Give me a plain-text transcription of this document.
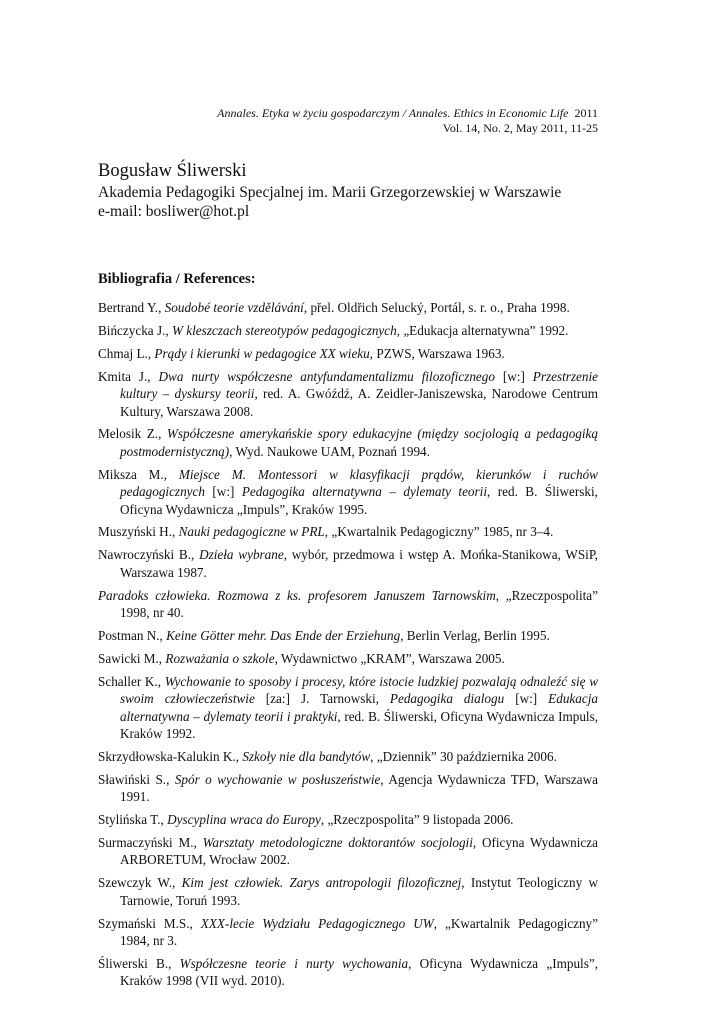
Annales. Etyka w życiu gospodarczym / Annales. Ethics in Economic Life 2011
Vol. 14, No. 2, May 2011, 11-25
Bogusław Śliwerski
Akademia Pedagogiki Specjalnej im. Marii Grzegorzewskiej w Warszawie
e-mail: bosliwer@hot.pl
Bibliografia / References:
Bertrand Y., Soudobé teorie vzdělávání, přel. Oldřich Selucký, Portál, s. r. o., Praha 1998.
Bińczycka J., W kleszczach stereotypów pedagogicznych, „Edukacja alternatywna” 1992.
Chmaj L., Prądy i kierunki w pedagogice XX wieku, PZWS, Warszawa 1963.
Kmita J., Dwa nurty współczesne antyfundamentalizmu filozoficznego [w:] Przestrzenie kultury – dyskursy teorii, red. A. Gwóźdź, A. Zeidler-Janiszewska, Narodowe Centrum Kultury, Warszawa 2008.
Melosik Z., Współczesne amerykańskie spory edukacyjne (między socjologią a pedagogiką postmodernistyczną), Wyd. Naukowe UAM, Poznań 1994.
Miksza M., Miejsce M. Montessori w klasyfikacji prądów, kierunków i ruchów pedagogicznych [w:] Pedagogika alternatywna – dylematy teorii, red. B. Śliwerski, Oficyna Wydawnicza „Impuls”, Kraków 1995.
Muszyński H., Nauki pedagogiczne w PRL, „Kwartalnik Pedagogiczny” 1985, nr 3–4.
Nawroczyński B., Dzieła wybrane, wybór, przedmowa i wstęp A. Mońka-Stanikowa, WSiP, Warszawa 1987.
Paradoks człowieka. Rozmowa z ks. profesorem Januszem Tarnowskim, „Rzeczpospolita” 1998, nr 40.
Postman N., Keine Götter mehr. Das Ende der Erziehung, Berlin Verlag, Berlin 1995.
Sawicki M., Rozważania o szkole, Wydawnictwo „KRAM”, Warszawa 2005.
Schaller K., Wychowanie to sposoby i procesy, które istocie ludzkiej pozwalają odnaleźć się w swoim człowieczeństwie [za:] J. Tarnowski, Pedagogika dialogu [w:] Edukacja alternatywna – dylematy teorii i praktyki, red. B. Śliwerski, Oficyna Wydawnicza Impuls, Kraków 1992.
Skrzydłowska-Kalukin K., Szkoły nie dla bandytów, „Dziennik” 30 października 2006.
Sławiński S., Spór o wychowanie w posłuszeństwie, Agencja Wydawnicza TFD, Warszawa 1991.
Stylińska T., Dyscyplina wraca do Europy, „Rzeczpospolita” 9 listopada 2006.
Surmaczyński M., Warsztaty metodologiczne doktorantów socjologii, Oficyna Wydawnicza ARBORETUM, Wrocław 2002.
Szewczyk W., Kim jest człowiek. Zarys antropologii filozoficznej, Instytut Teologiczny w Tarnowie, Toruń 1993.
Szymański M.S., XXX-lecie Wydziału Pedagogicznego UW, „Kwartalnik Pedagogiczny” 1984, nr 3.
Śliwerski B., Współczesne teorie i nurty wychowania, Oficyna Wydawnicza „Impuls”, Kraków 1998 (VII wyd. 2010).
